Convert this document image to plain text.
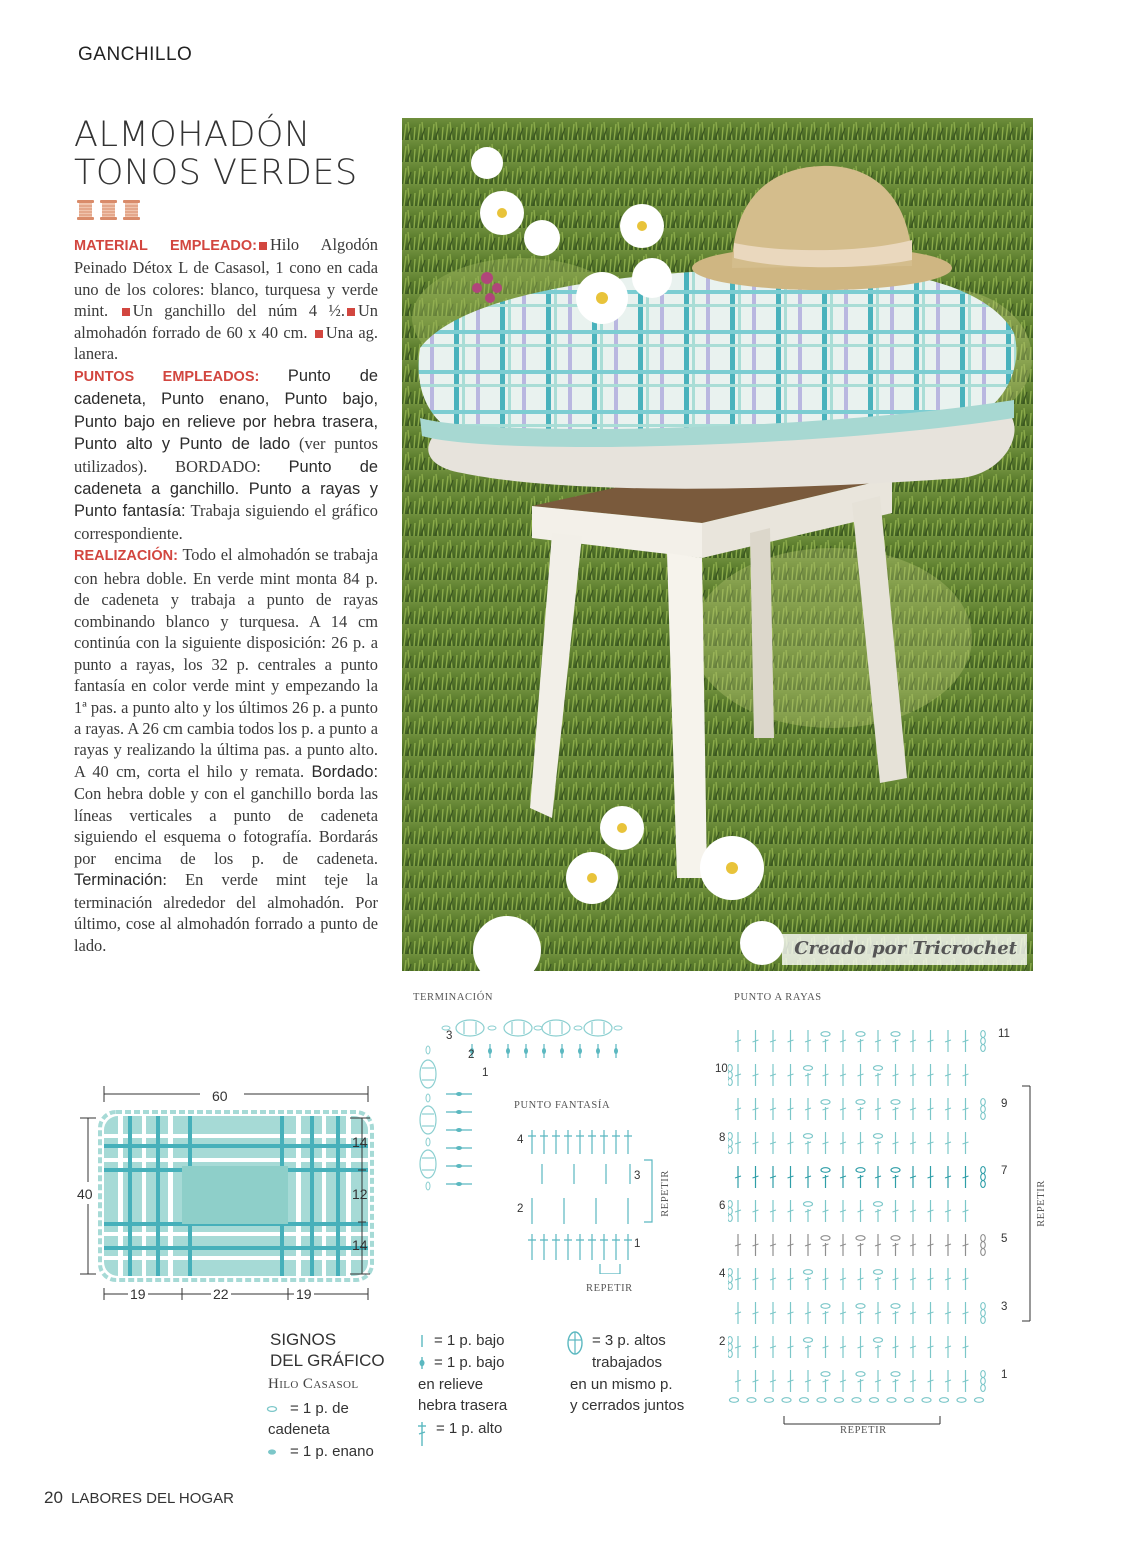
GANCHILLO
ALMOHADÓN
TONOS VERDES

MATERIAL EMPLEADO: Hilo Algodón Peinado Détox L de Casasol, 1 cono en cada uno de los colores: blanco, turquesa y verde mint. Un ganchillo del núm 4 ½. Un almohadón forrado de 60 x 40 cm. Una ag. lanera.

PUNTOS EMPLEADOS: Punto de cadeneta, Punto enano, Punto bajo, Punto bajo en relieve por hebra trasera, Punto alto y Punto de lado (ver puntos utilizados). BORDADO: Punto de cadeneta a ganchillo. Punto a rayas y Punto fantasía: Trabaja siguiendo el gráfico correspondiente.

REALIZACIÓN: Todo el almohadón se trabaja con hebra doble. En verde mint monta 84 p. de cadeneta y trabaja a punto de rayas combinando blanco y turquesa. A 14 cm continúa con la siguiente disposición: 26 p. a punto a rayas, los 32 p. centrales a punto fantasía en color verde mint y empezando la 1ª pas. a punto alto y los últimos 26 p. a punto a rayas. A 26 cm cambia todos los p. a punto a rayas y realizando la última pas. a punto alto. A 40 cm, corta el hilo y remata. Bordado: Con hebra doble y con el ganchillo borda las líneas verticales a punto de cadeneta siguiendo el esquema o fotografía. Bordarás por encima de los p. de cadeneta. Terminación: En verde mint teje la terminación alrededor del almohadón. Por último, cose al almohadón forrado a punto de lado.	Creado por Tricrochet
60
40
14
12
14
19	22	19
TERMINACIÓN
3
2
1
PUNTO FANTASÍA
4
3
2
1
REPETIR
REPETIR
PUNTO A RAYAS
11
10
9
8
7
6
5
4
3
2
1
REPETIR
REPETIR
SIGNOS
DEL GRÁFICO
Hilo Casasol
= 1 p. de
cadeneta
= 1 p. enano
= 1 p. bajo
= 1 p. bajo
en relieve
hebra trasera
= 1 p. alto
= 3 p. altos
trabajados
en un mismo p.
y cerrados juntos
20 LABORES DEL HOGAR
